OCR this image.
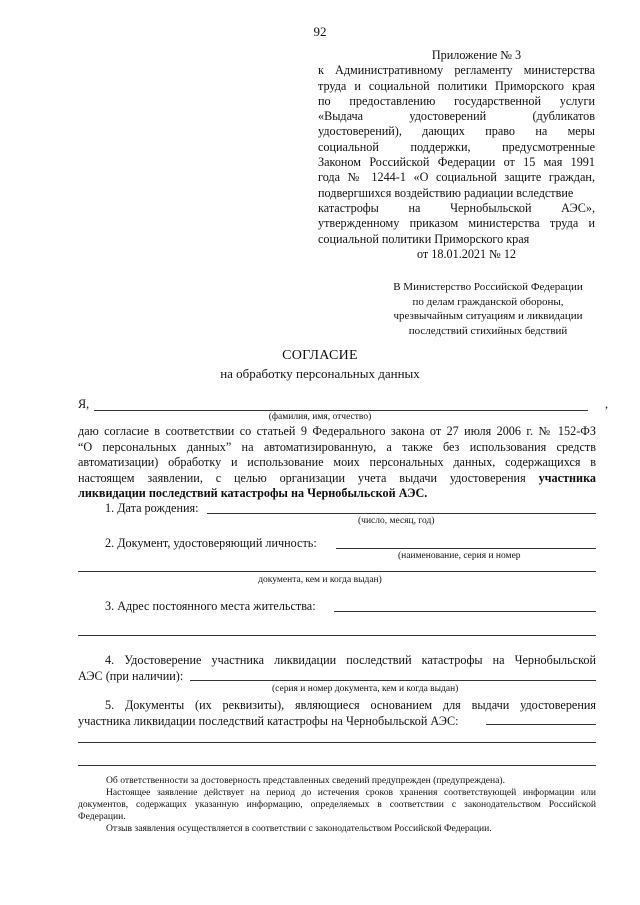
92
Приложение № 3
к Административному регламенту министерства
труда и социальной политики Приморского края
по предоставлению государственной услуги
«Выдача удостоверений (дубликатов
удостоверений), дающих право на меры
социальной поддержки, предусмотренные
Законом Российской Федерации от 15 мая 1991
года № 1244-1 «О социальной защите граждан,
подвергшихся воздействию радиации вследствие
катастрофы на Чернобыльской АЭС»,
утвержденному приказом министерства труда и
социальной политики Приморского края
от 18.01.2021 № 12
В Министерство Российской Федерации
по делам гражданской обороны,
чрезвычайным ситуациям и ликвидации
последствий стихийных бедствий
СОГЛАСИЕ
на обработку персональных данных
Я,	,
(фамилия, имя, отчество)
даю согласие в соответствии со статьей 9 Федерального закона от 27 июля 2006 г. № 152-ФЗ
“О персональных данных” на автоматизированную, а также без использования средств
автоматизации) обработку и использование моих персональных данных, содержащихся в
настоящем заявлении, с целью организации учета выдачи удостоверения участника
ликвидации последствий катастрофы на Чернобыльской АЭС.
1. Дата рождения:
(число, месяц, год)
2. Документ, удостоверяющий личность:
(наименование, серия и номер
документа, кем и когда выдан)
3. Адрес постоянного места жительства:
4. Удостоверение участника ликвидации последствий катастрофы на Чернобыльской
АЭС (при наличии):
(серия и номер документа, кем и когда выдан)
5. Документы (их реквизиты), являющиеся основанием для выдачи удостоверения
участника ликвидации последствий катастрофы на Чернобыльской АЭС:
Об ответственности за достоверность представленных сведений предупрежден (предупреждена).
Настоящее заявление действует на период до истечения сроков хранения соответствующей информации или документов, содержащих указанную информацию, определяемых в соответствии с законодательством Российской Федерации.
Отзыв заявления осуществляется в соответствии с законодательством Российской Федерации.
